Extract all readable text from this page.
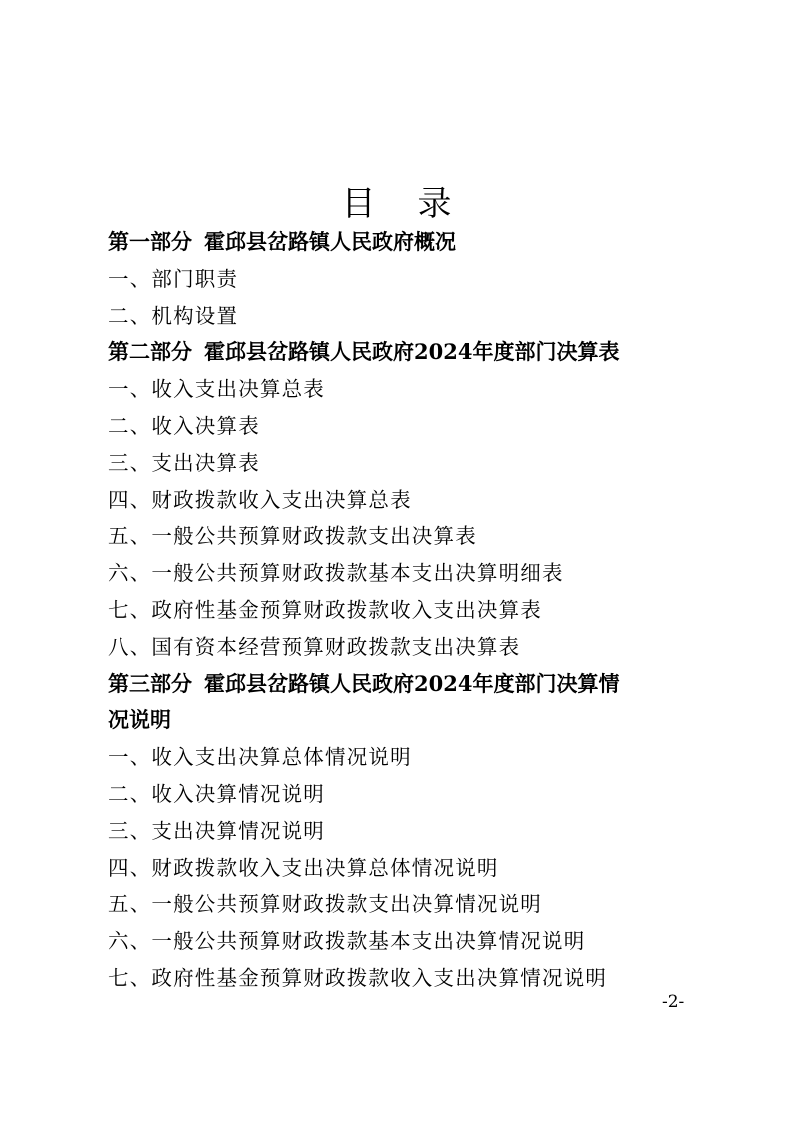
目 录
第一部分 霍邱县岔路镇人民政府概况
一、部门职责
二、机构设置
第二部分 霍邱县岔路镇人民政府2024年度部门决算表
一、收入支出决算总表
二、收入决算表
三、支出决算表
四、财政拨款收入支出决算总表
五、一般公共预算财政拨款支出决算表
六、一般公共预算财政拨款基本支出决算明细表
七、政府性基金预算财政拨款收入支出决算表
八、国有资本经营预算财政拨款支出决算表
第三部分 霍邱县岔路镇人民政府2024年度部门决算情
况说明
一、收入支出决算总体情况说明
二、收入决算情况说明
三、支出决算情况说明
四、财政拨款收入支出决算总体情况说明
五、一般公共预算财政拨款支出决算情况说明
六、一般公共预算财政拨款基本支出决算情况说明
七、政府性基金预算财政拨款收入支出决算情况说明
-2-
